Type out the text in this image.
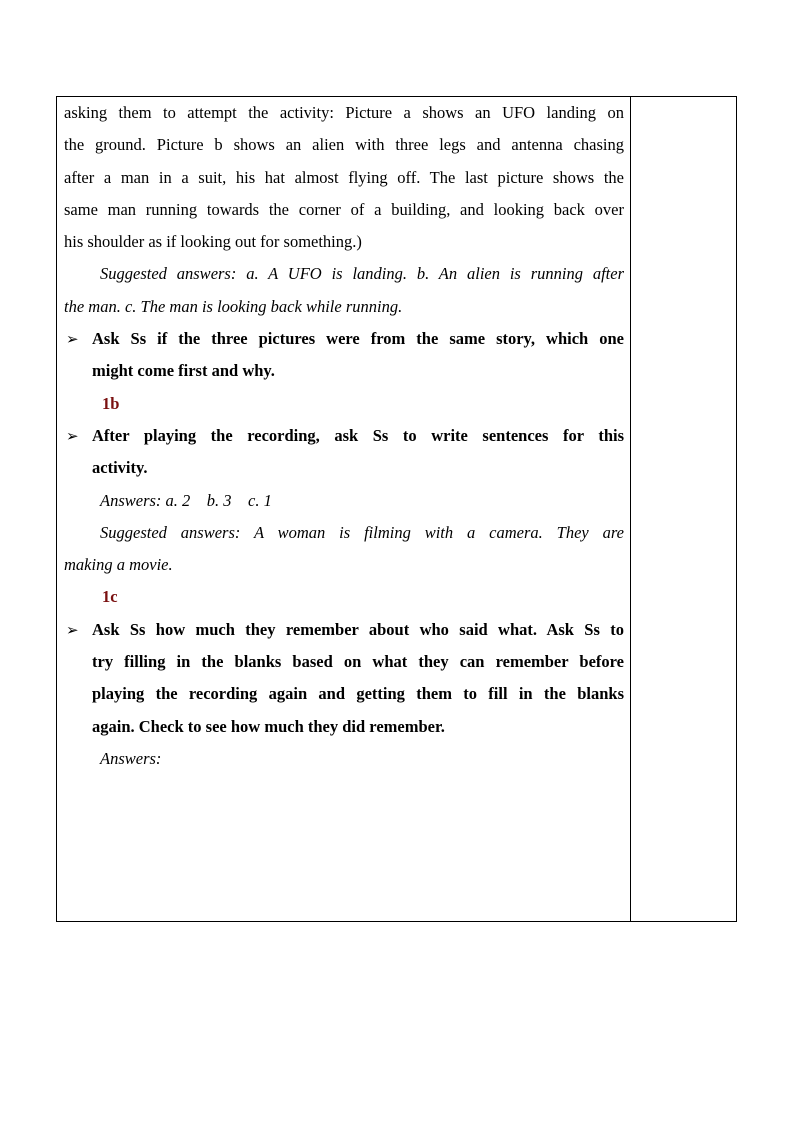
asking them to attempt the activity: Picture a shows an UFO landing on
the ground. Picture b shows an alien with three legs and antenna chasing
after a man in a suit, his hat almost flying off. The last picture shows the
same man running towards the corner of a building, and looking back over
his shoulder as if looking out for something.)
Suggested answers: a. A UFO is landing. b. An alien is running after
the man. c. The man is looking back while running.
➢ Ask Ss if the three pictures were from the same story, which one
might come first and why.
1b
➢ After playing the recording, ask Ss to write sentences for this
activity.
Answers: a. 2    b. 3    c. 1
Suggested answers: A woman is filming with a camera. They are
making a movie.
1c
➢ Ask Ss how much they remember about who said what. Ask Ss to
try filling in the blanks based on what they can remember before
playing the recording again and getting them to fill in the blanks
again. Check to see how much they did remember.
Answers:
